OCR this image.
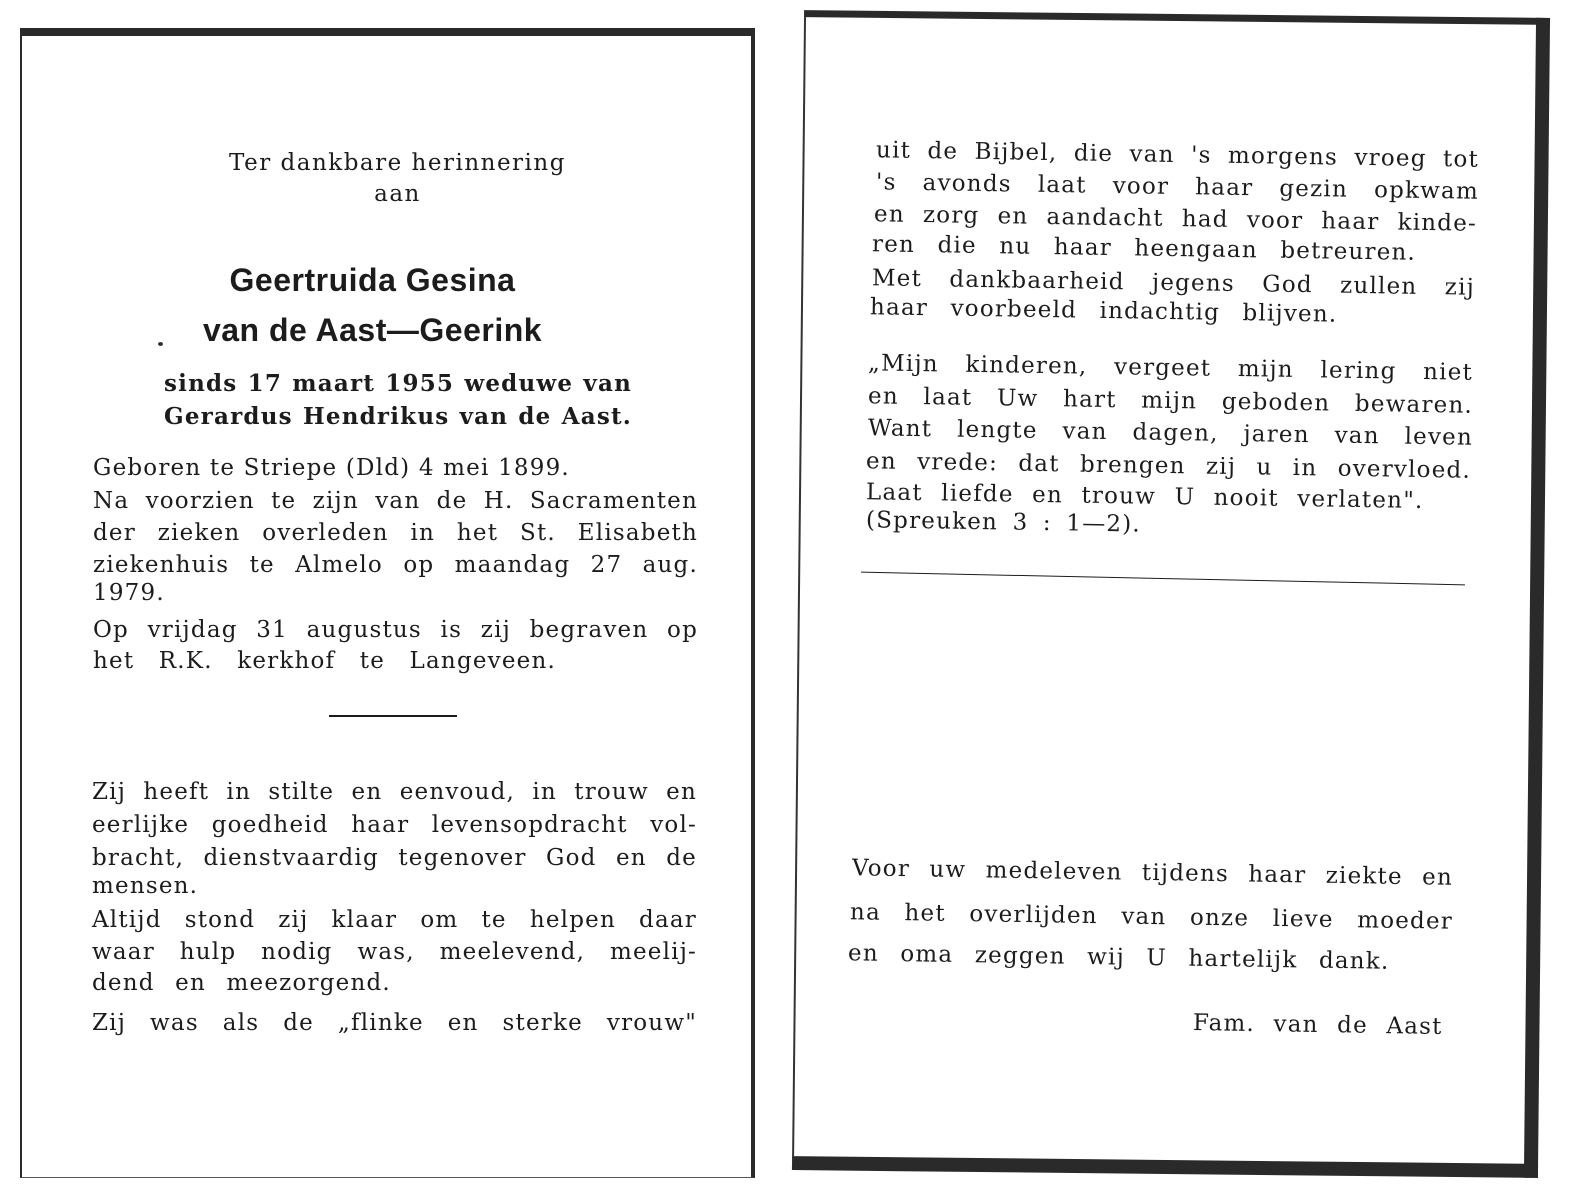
Ter dankbare herinnering
aan
Geertruida Gesina
van de Aast—Geerink
sinds 17 maart 1955 weduwe van
Gerardus Hendrikus van de Aast.
Geboren te Striepe (Dld) 4 mei 1899.
Na voorzien te zijn van de H. Sacramenten
der zieken overleden in het St. Elisabeth
ziekenhuis te Almelo op maandag 27 aug.
1979.
Op vrijdag 31 augustus is zij begraven op
het R.K. kerkhof te Langeveen.
Zij heeft in stilte en eenvoud, in trouw en
eerlijke goedheid haar levensopdracht vol-
bracht, dienstvaardig tegenover God en de
mensen.
Altijd stond zij klaar om te helpen daar
waar hulp nodig was, meelevend, meelij-
dend en meezorgend.
Zij was als de „flinke en sterke vrouw"
uit de Bijbel, die van 's morgens vroeg tot
's avonds laat voor haar gezin opkwam
en zorg en aandacht had voor haar kinde-
ren die nu haar heengaan betreuren.
Met dankbaarheid jegens God zullen zij
haar voorbeeld indachtig blijven.
„Mijn kinderen, vergeet mijn lering niet
en laat Uw hart mijn geboden bewaren.
Want lengte van dagen, jaren van leven
en vrede: dat brengen zij u in overvloed.
Laat liefde en trouw U nooit verlaten".
(Spreuken 3 : 1—2).
Voor uw medeleven tijdens haar ziekte en
na het overlijden van onze lieve moeder
en oma zeggen wij U hartelijk dank.
Fam. van de Aast
